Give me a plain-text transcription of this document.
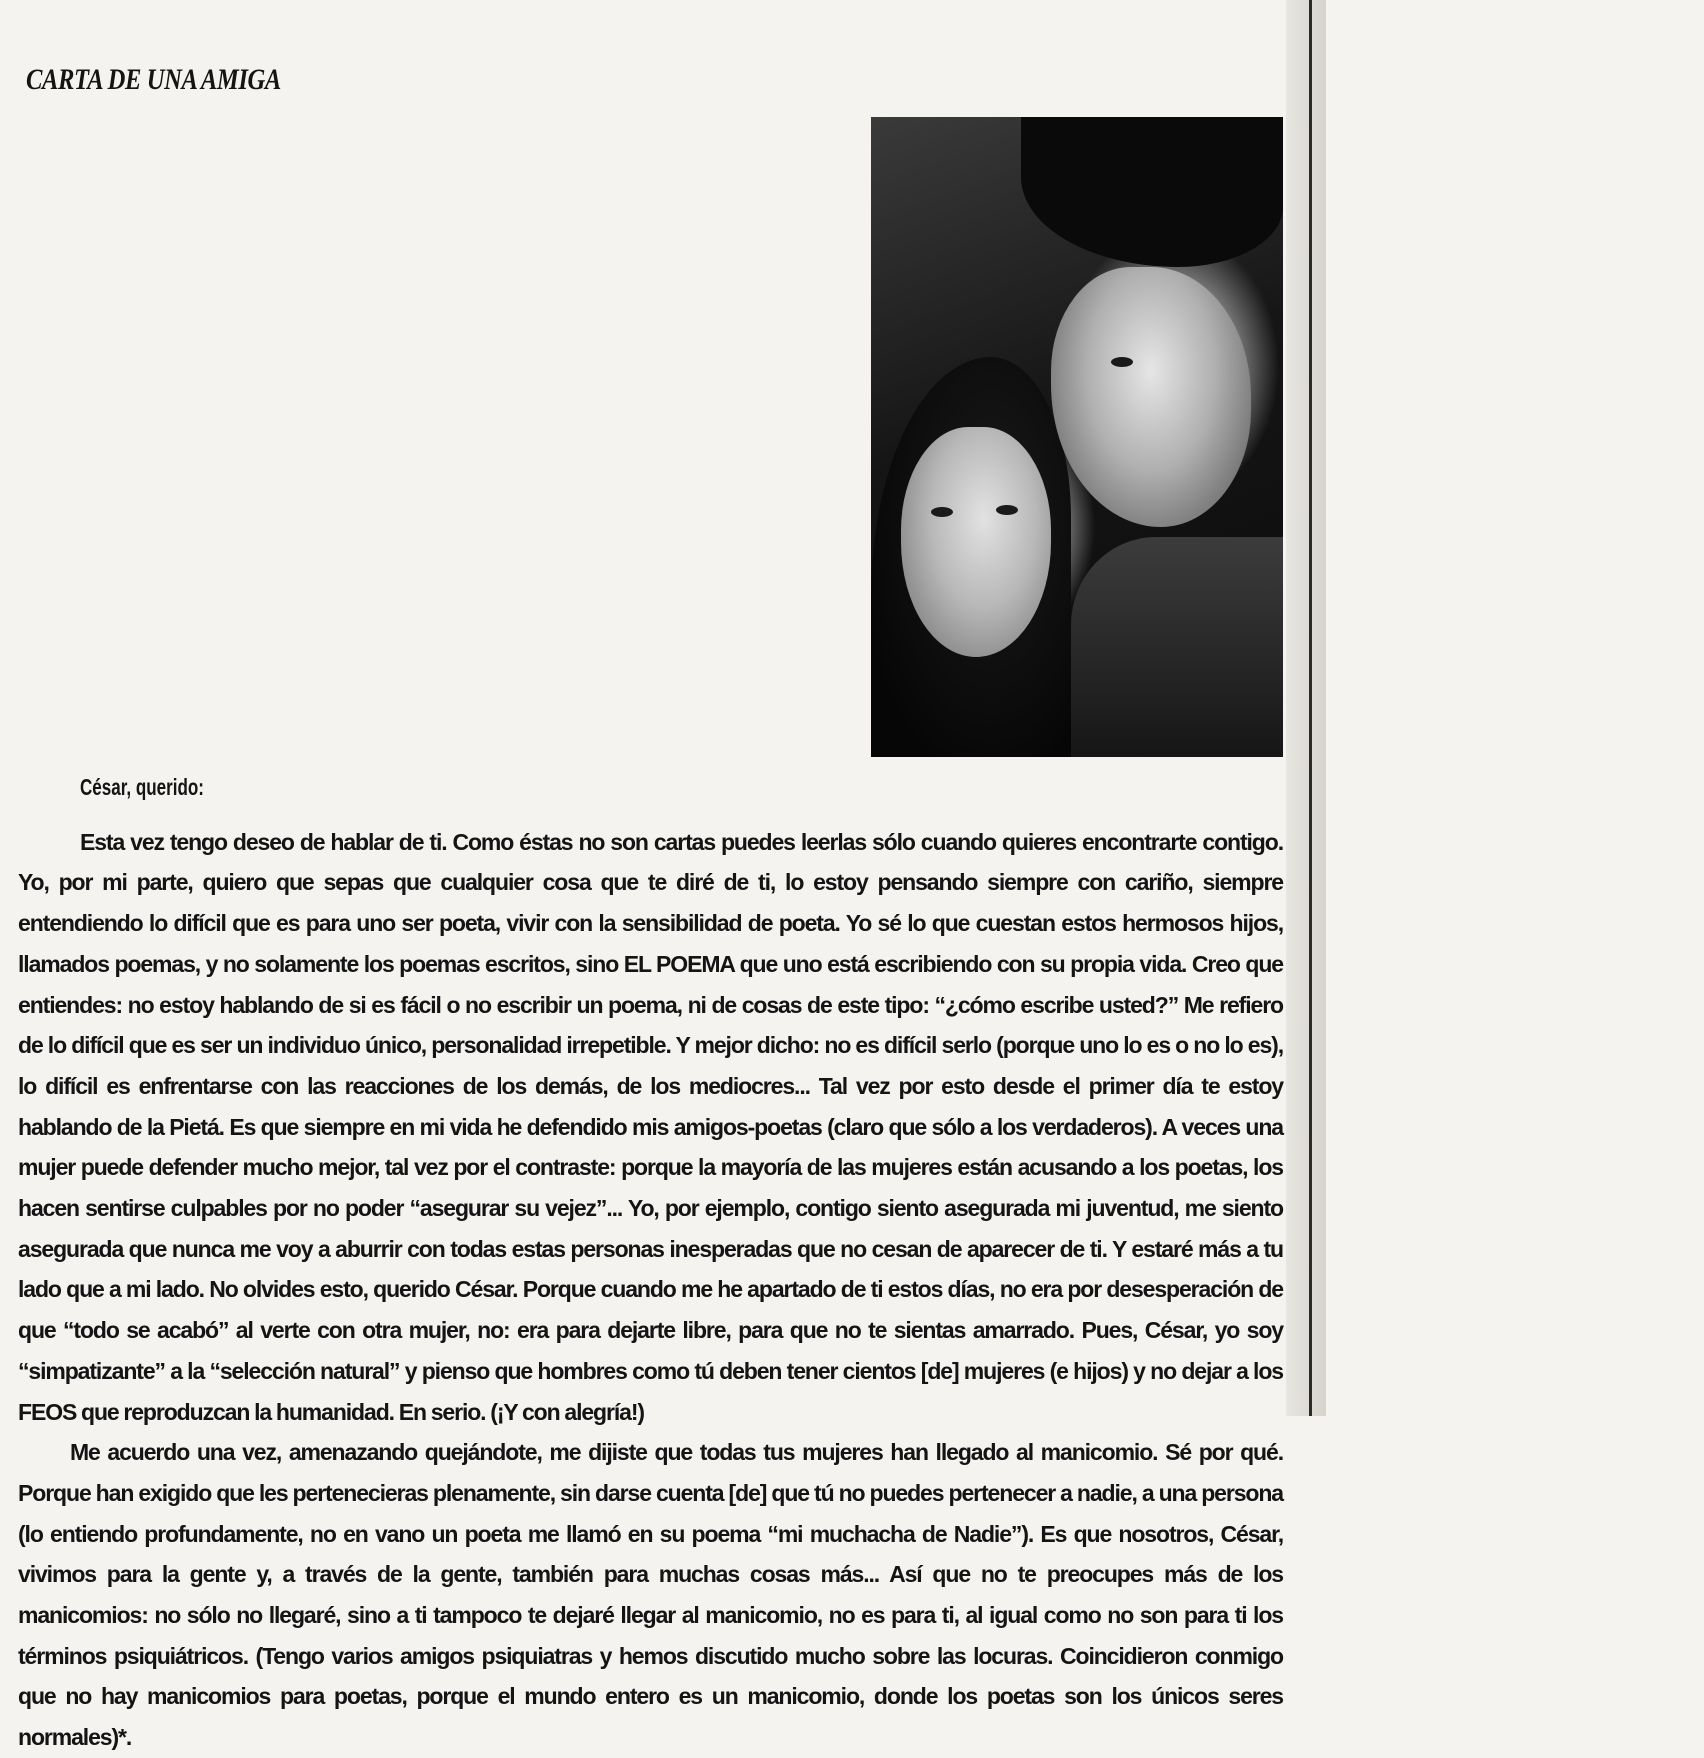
CARTA DE UNA AMIGA

César, querido:

Esta vez tengo deseo de hablar de ti. Como éstas no son cartas puedes leerlas sólo cuando quieres encontrarte contigo. Yo, por mi parte, quiero que sepas que cualquier cosa que te diré de ti, lo estoy pensando siempre con cariño, siempre entendiendo lo difícil que es para uno ser poeta, vivir con la sensibilidad de poeta. Yo sé lo que cuestan estos hermosos hijos, llamados poemas, y no solamente los poemas escritos, sino EL POEMA que uno está escribiendo con su propia vida. Creo que entiendes: no estoy hablando de si es fácil o no escribir un poema, ni de cosas de este tipo: “¿cómo escribe usted?” Me refiero de lo difícil que es ser un individuo único, personalidad irrepetible. Y mejor dicho: no es difícil serlo (porque uno lo es o no lo es), lo difícil es enfrentarse con las reacciones de los demás, de los mediocres... Tal vez por esto desde el primer día te estoy hablando de la Pietá. Es que siempre en mi vida he defendido mis amigos-poetas (claro que sólo a los verdaderos). A veces una mujer puede defender mucho mejor, tal vez por el contraste: porque la mayoría de las mujeres están acusando a los poetas, los hacen sentirse culpables por no poder “asegurar su vejez”... Yo, por ejemplo, contigo siento asegurada mi juventud, me siento asegurada que nunca me voy a aburrir con todas estas personas inesperadas que no cesan de aparecer de ti. Y estaré más a tu lado que a mi lado. No olvides esto, querido César. Porque cuando me he apartado de ti estos días, no era por desesperación de que “todo se acabó” al verte con otra mujer, no: era para dejarte libre, para que no te sientas amarrado. Pues, César, yo soy “simpatizante” a la “selección natural” y pienso que hombres como tú deben tener cientos [de] mujeres (e hijos) y no dejar a los FEOS que reproduzcan la humanidad. En serio. (¡Y con alegría!)

Me acuerdo una vez, amenazando quejándote, me dijiste que todas tus mujeres han llegado al manicomio. Sé por qué. Porque han exigido que les pertenecieras plenamente, sin darse cuenta [de] que tú no puedes pertenecer a nadie, a una persona (lo entiendo profundamente, no en vano un poeta me llamó en su poema “mi muchacha de Nadie”). Es que nosotros, César, vivimos para la gente y, a través de la gente, también para muchas cosas más... Así que no te preocupes más de los manicomios: no sólo no llegaré, sino a ti tampoco te dejaré llegar al manicomio, no es para ti, al igual como no son para ti los términos psiquiátricos. (Tengo varios amigos psiquiatras y hemos discutido mucho sobre las locuras. Coincidieron conmigo que no hay manicomios para poetas, porque el mundo entero es un manicomio, donde los poetas son los únicos seres normales)*.
